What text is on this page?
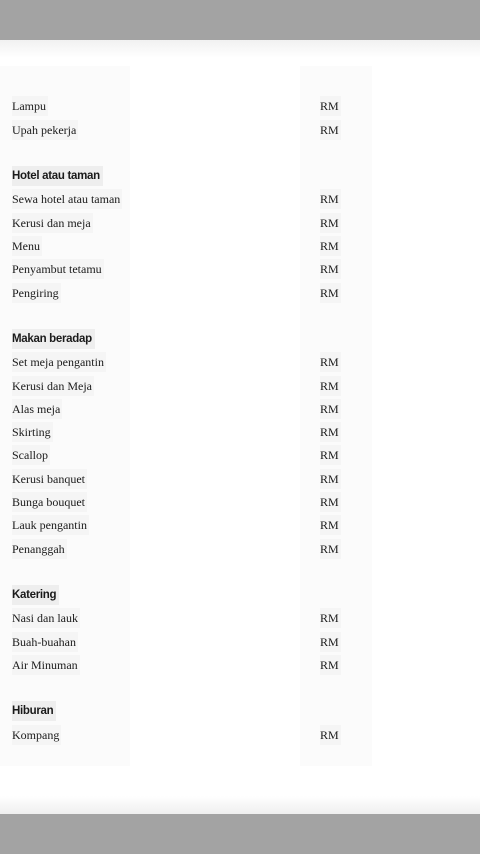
Lampu	RM
Upah pekerja	RM
Hotel atau taman
Sewa hotel atau taman	RM
Kerusi dan meja	RM
Menu	RM
Penyambut tetamu	RM
Pengiring	RM
Makan beradap
Set meja pengantin	RM
Kerusi dan Meja	RM
Alas meja	RM
Skirting	RM
Scallop	RM
Kerusi banquet	RM
Bunga bouquet	RM
Lauk pengantin	RM
Penanggah	RM
Katering
Nasi dan lauk	RM
Buah-buahan	RM
Air Minuman	RM
Hiburan
Kompang	RM
